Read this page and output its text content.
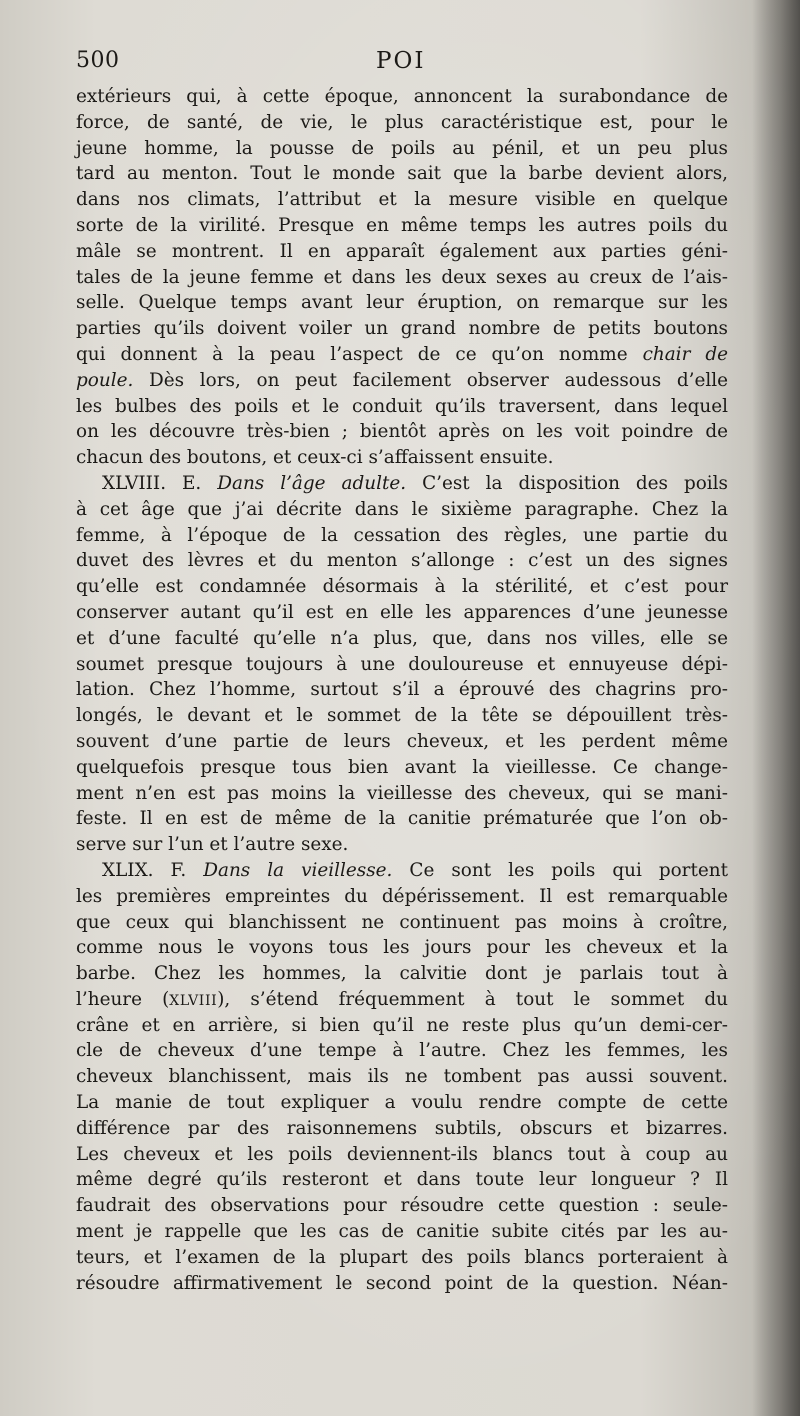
500	POI
extérieurs qui, à cette époque, annoncent la surabondance de
force, de santé, de vie, le plus caractéristique est, pour le
jeune homme, la pousse de poils au pénil, et un peu plus
tard au menton. Tout le monde sait que la barbe devient alors,
dans nos climats, l’attribut et la mesure visible en quelque
sorte de la virilité. Presque en même temps les autres poils du
mâle se montrent. Il en apparaît également aux parties géni-
tales de la jeune femme et dans les deux sexes au creux de l’ais-
selle. Quelque temps avant leur éruption, on remarque sur les
parties qu’ils doivent voiler un grand nombre de petits boutons
qui donnent à la peau l’aspect de ce qu’on nomme chair de
poule. Dès lors, on peut facilement observer audessous d’elle
les bulbes des poils et le conduit qu’ils traversent, dans lequel
on les découvre très-bien ; bientôt après on les voit poindre de
chacun des boutons, et ceux-ci s’affaissent ensuite.
XLVIII. E. Dans l’âge adulte. C’est la disposition des poils
à cet âge que j’ai décrite dans le sixième paragraphe. Chez la
femme, à l’époque de la cessation des règles, une partie du
duvet des lèvres et du menton s’allonge : c’est un des signes
qu’elle est condamnée désormais à la stérilité, et c’est pour
conserver autant qu’il est en elle les apparences d’une jeunesse
et d’une faculté qu’elle n’a plus, que, dans nos villes, elle se
soumet presque toujours à une douloureuse et ennuyeuse dépi-
lation. Chez l’homme, surtout s’il a éprouvé des chagrins pro-
longés, le devant et le sommet de la tête se dépouillent très-
souvent d’une partie de leurs cheveux, et les perdent même
quelquefois presque tous bien avant la vieillesse. Ce change-
ment n’en est pas moins la vieillesse des cheveux, qui se mani-
feste. Il en est de même de la canitie prématurée que l’on ob-
serve sur l’un et l’autre sexe.
XLIX. F. Dans la vieillesse. Ce sont les poils qui portent
les premières empreintes du dépérissement. Il est remarquable
que ceux qui blanchissent ne continuent pas moins à croître,
comme nous le voyons tous les jours pour les cheveux et la
barbe. Chez les hommes, la calvitie dont je parlais tout à
l’heure (XLVIII), s’étend fréquemment à tout le sommet du
crâne et en arrière, si bien qu’il ne reste plus qu’un demi-cer-
cle de cheveux d’une tempe à l’autre. Chez les femmes, les
cheveux blanchissent, mais ils ne tombent pas aussi souvent.
La manie de tout expliquer a voulu rendre compte de cette
différence par des raisonnemens subtils, obscurs et bizarres.
Les cheveux et les poils deviennent-ils blancs tout à coup au
même degré qu’ils resteront et dans toute leur longueur ? Il
faudrait des observations pour résoudre cette question : seule-
ment je rappelle que les cas de canitie subite cités par les au-
teurs, et l’examen de la plupart des poils blancs porteraient à
résoudre affirmativement le second point de la question. Néan-
